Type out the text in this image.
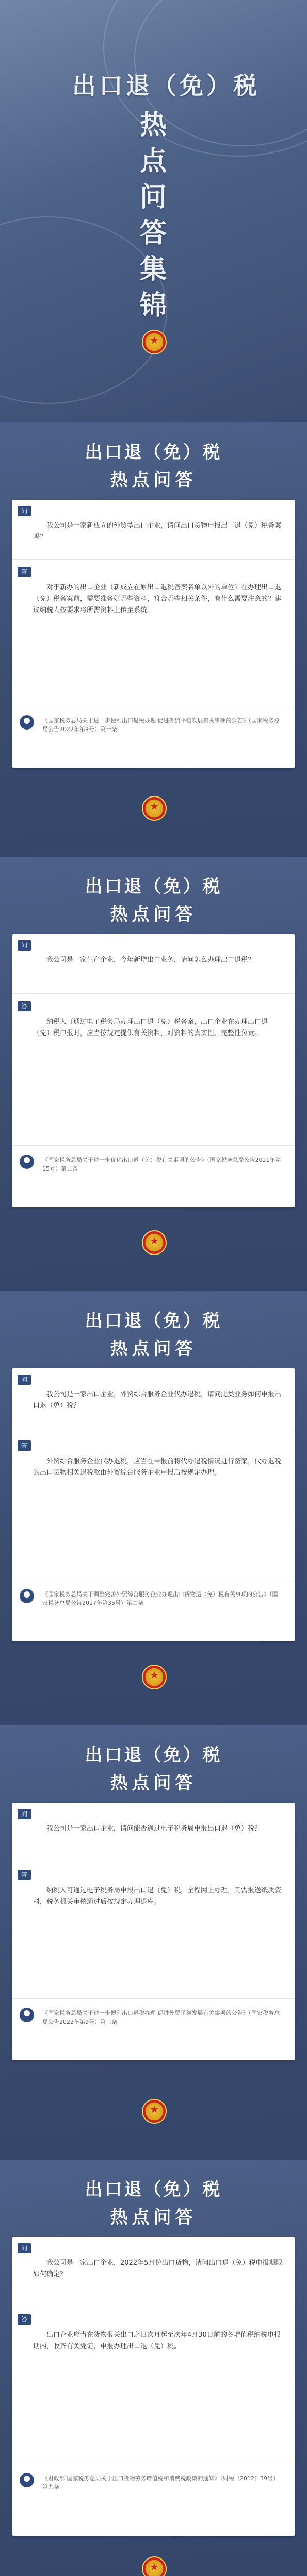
出口退（免）税
热
点
问
答
集
锦
★
出口退（免）税
热点问答
问
我公司是一家新成立的外贸型出口企业，请问出口货物申报出口退（免）税备案吗？
答
对于新办的出口企业（新成立在原出口退税备案名单以外的单位）在办理出口退（免）税备案前，需要准备好哪些资料，符合哪些相关条件，有什么需要注意的？建议纳税人按要求将所需资料上传至系统。
《国家税务总局关于进一步便利出口退税办理 促进外贸平稳发展有关事项的公告》（国家税务总局公告2022年第9号）第一条
★
出口退（免）税
热点问答
问
我公司是一家生产企业，今年新增出口业务，请问怎么办理出口退税？
答
纳税人可通过电子税务局办理出口退（免）税备案，出口企业在办理出口退（免）税申报时，应当按规定提供有关资料，对资料的真实性、完整性负责。
《国家税务总局关于进一步优化出口退（免）税有关事项的公告》（国家税务总局公告2021年第15号）第二条
★
出口退（免）税
热点问答
问
我公司是一家出口企业，外贸综合服务企业代办退税，请问此类业务如何申报出口退（免）税？
答
外贸综合服务企业代办退税，应当在申报前将代办退税情况进行备案，代办退税的出口货物相关退税款由外贸综合服务企业申报后按规定办理。
《国家税务总局关于调整完善外贸综合服务企业办理出口货物退（免）税有关事项的公告》（国家税务总局公告2017年第35号）第二条
★
出口退（免）税
热点问答
问
我公司是一家出口企业，请问能否通过电子税务局申报出口退（免）税？
答
纳税人可通过电子税务局申报出口退（免）税，全程网上办理，无需报送纸质资料，税务机关审核通过后按规定办理退库。
《国家税务总局关于进一步便利出口退税办理 促进外贸平稳发展有关事项的公告》（国家税务总局公告2022年第9号）第三条
★
出口退（免）税
热点问答
问
我公司是一家出口企业，2022年5月份出口货物，请问出口退（免）税申报期限如何确定？
答
出口企业应当在货物报关出口之日次月起至次年4月30日前的各增值税纳税申报期内，收齐有关凭证，申报办理出口退（免）税。
《财政部 国家税务总局关于出口货物劳务增值税和消费税政策的通知》（财税〔2012〕39号）第九条
★
